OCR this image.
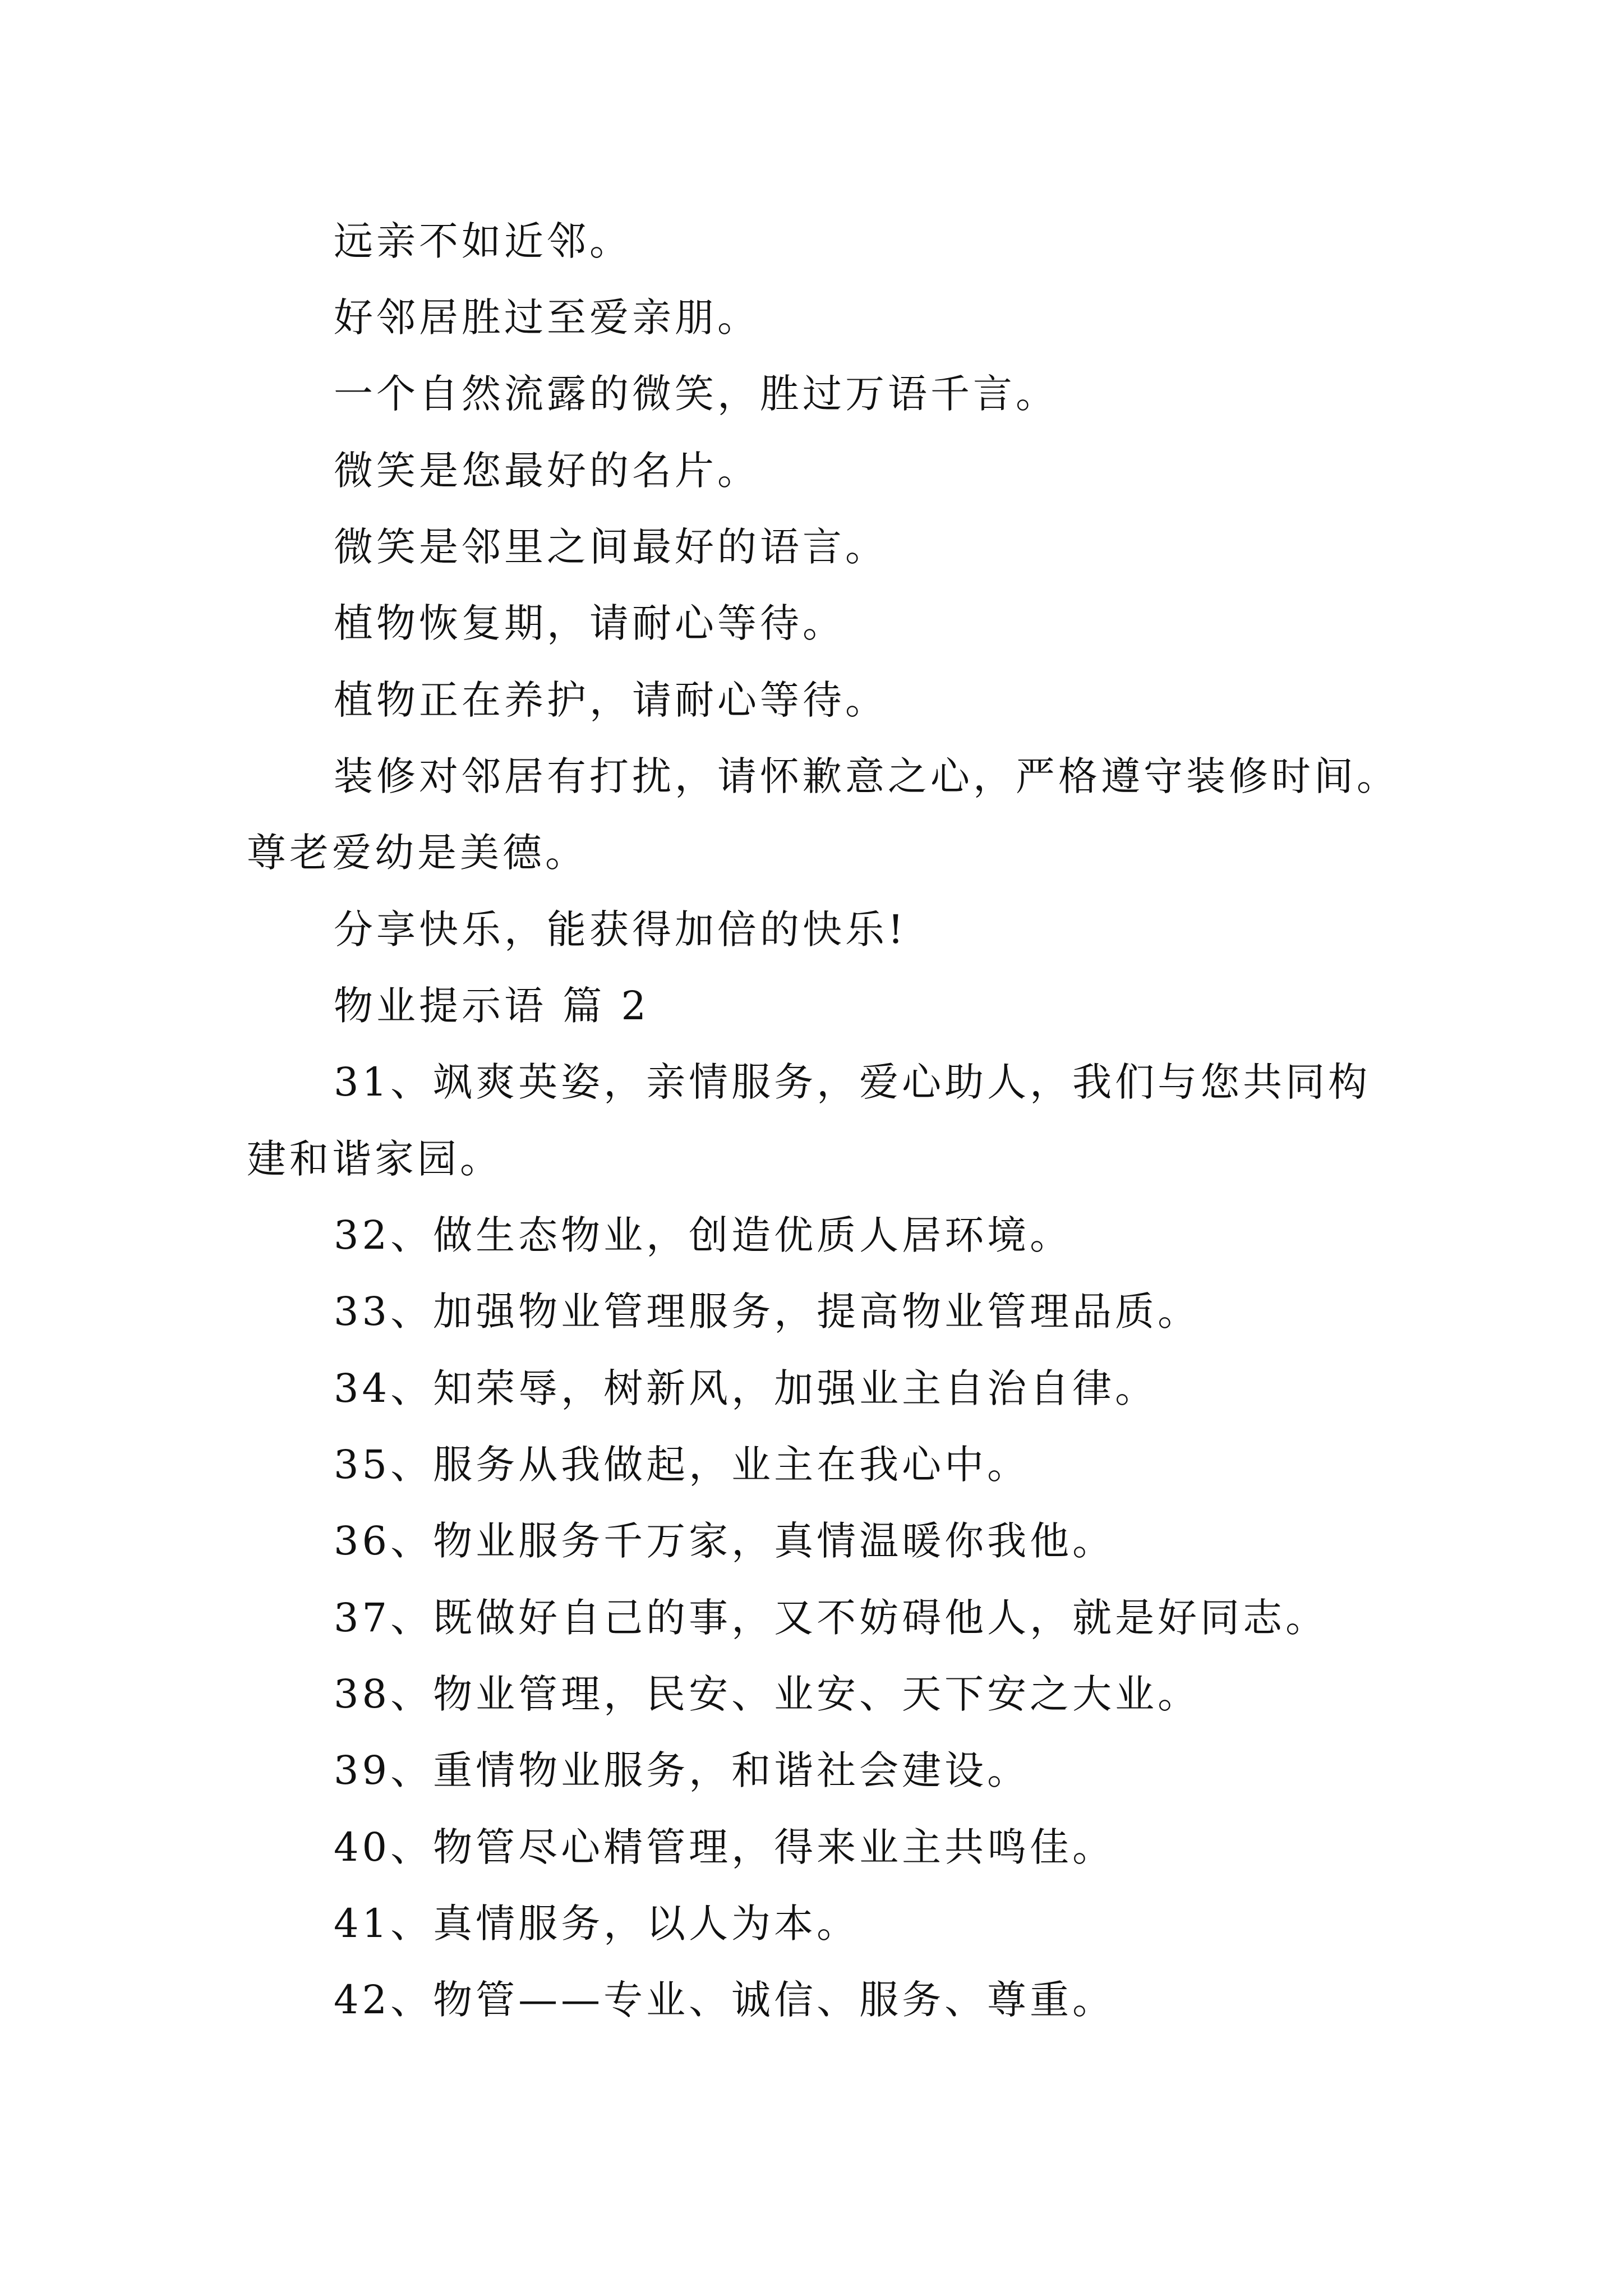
远亲不如近邻。
好邻居胜过至爱亲朋。
一个自然流露的微笑，胜过万语千言。
微笑是您最好的名片。
微笑是邻里之间最好的语言。
植物恢复期，请耐心等待。
植物正在养护，请耐心等待。
装修对邻居有打扰，请怀歉意之心，严格遵守装修时间。
尊老爱幼是美德。
分享快乐，能获得加倍的快乐!
物业提示语 篇 2
31、飒爽英姿，亲情服务，爱心助人，我们与您共同构
建和谐家园。
32、做生态物业，创造优质人居环境。
33、加强物业管理服务，提高物业管理品质。
34、知荣辱，树新风，加强业主自治自律。
35、服务从我做起，业主在我心中。
36、物业服务千万家，真情温暖你我他。
37、既做好自己的事，又不妨碍他人，就是好同志。
38、物业管理，民安、业安、天下安之大业。
39、重情物业服务，和谐社会建设。
40、物管尽心精管理，得来业主共鸣佳。
41、真情服务，以人为本。
42、物管——专业、诚信、服务、尊重。
